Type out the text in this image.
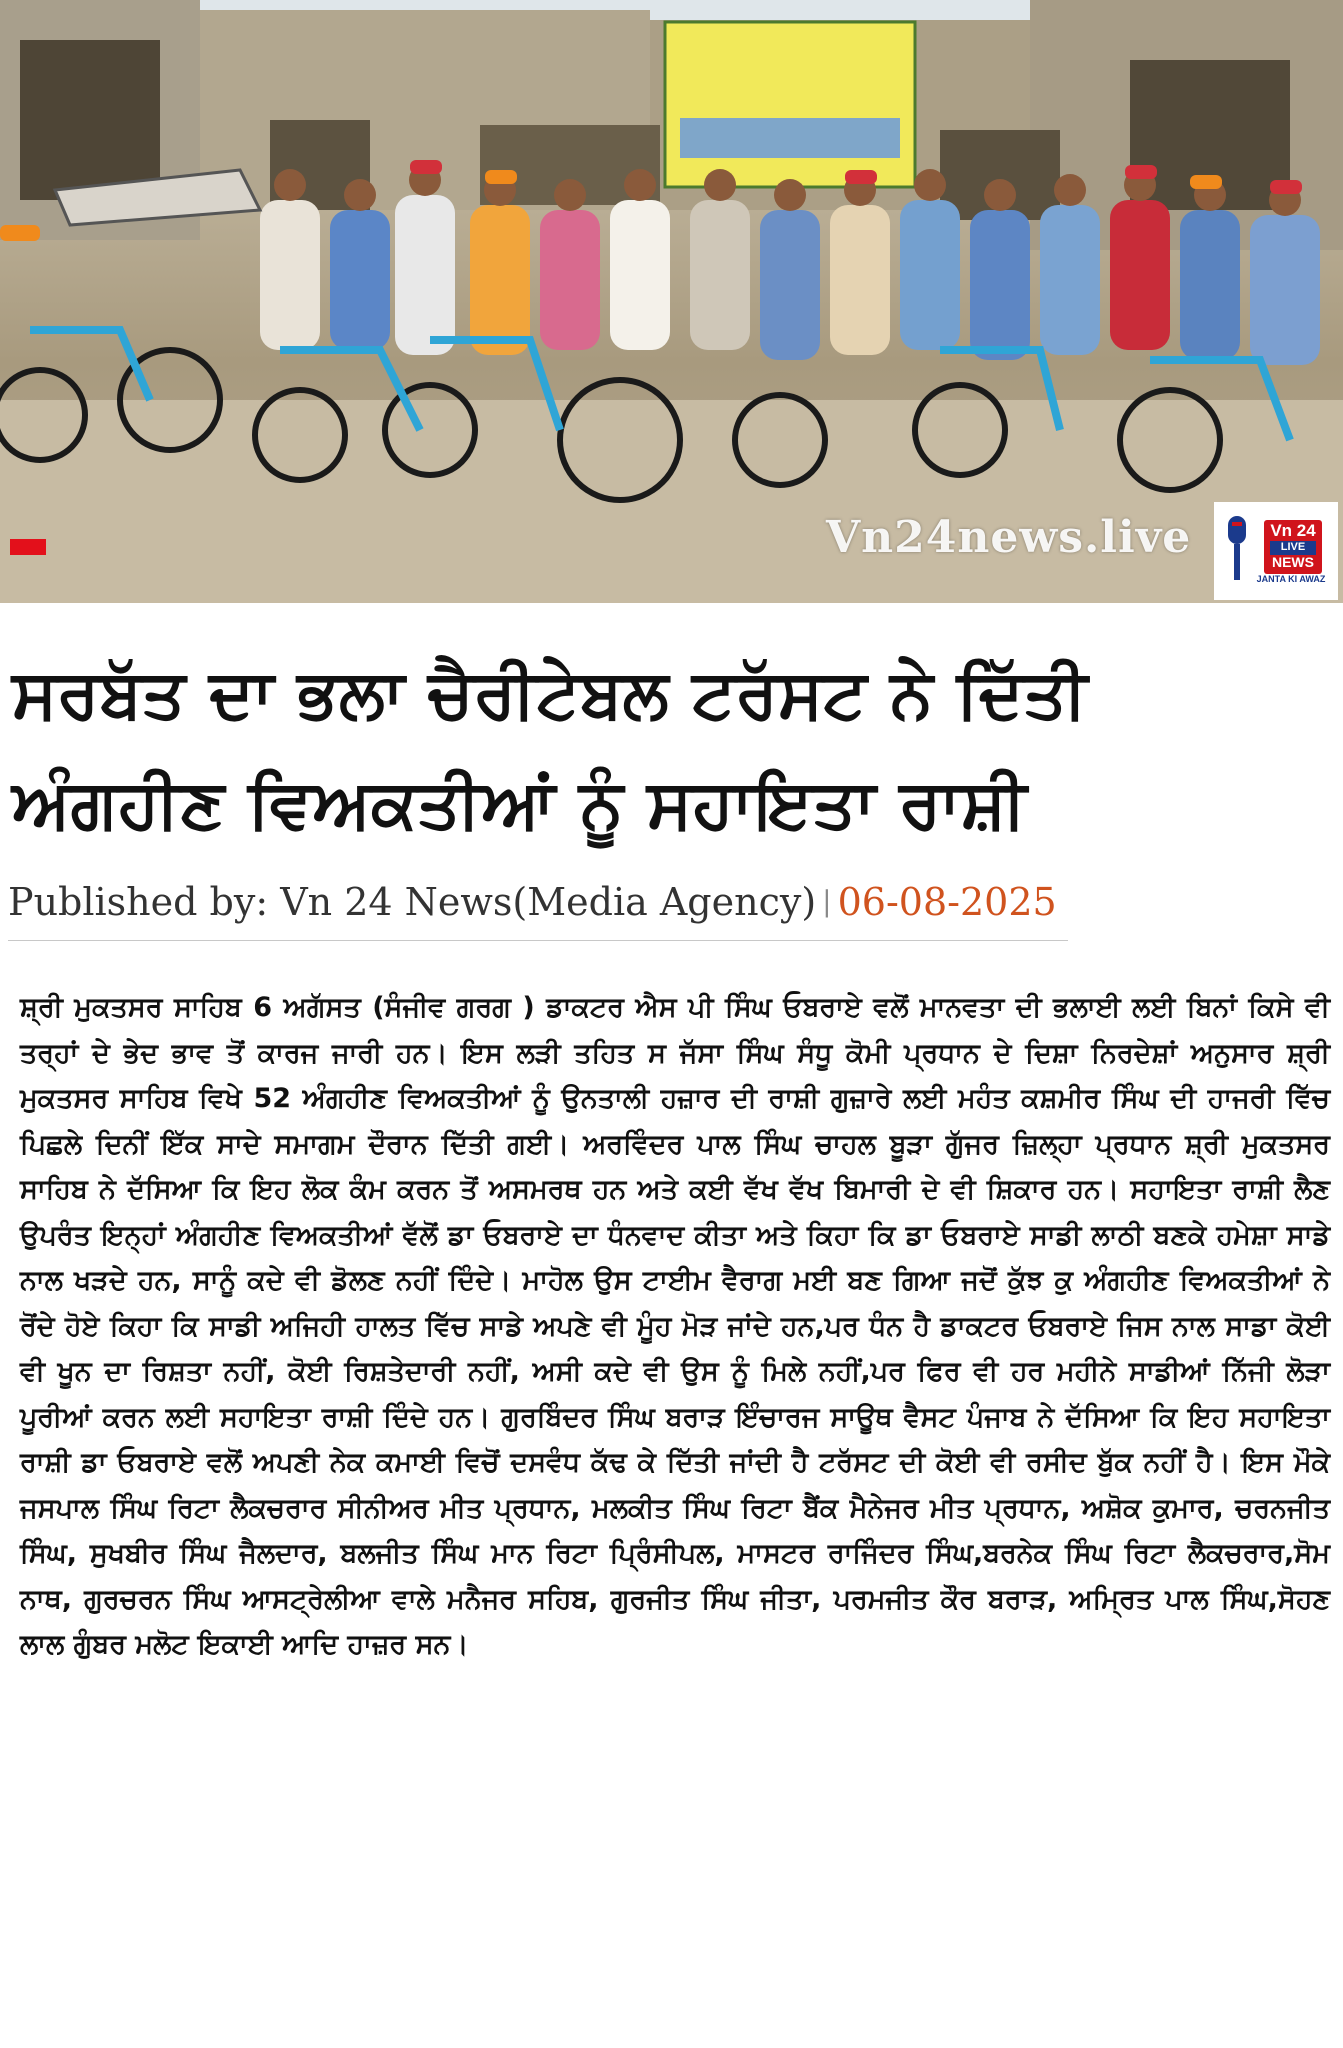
Vn24news.live	Vn 24
LIVE
NEWS
JANTA KI AWAZ
ਸਰਬੱਤ ਦਾ ਭਲਾ ਚੈਰੀਟੇਬਲ ਟਰੱਸਟ ਨੇ ਦਿੱਤੀ
ਅੰਗਹੀਣ ਵਿਅਕਤੀਆਂ ਨੂੰ ਸਹਾਇਤਾ ਰਾਸ਼ੀ
Published by: Vn 24 News(Media Agency) | 06-08-2025
ਸ਼੍ਰੀ ਮੁਕਤਸਰ ਸਾਹਿਬ 6 ਅਗੱਸਤ (ਸੰਜੀਵ ਗਰਗ ) ਡਾਕਟਰ ਐਸ ਪੀ ਸਿੰਘ ਓਬਰਾਏ ਵਲੋਂ ਮਾਨਵਤਾ ਦੀ ਭਲਾਈ ਲਈ ਬਿਨਾਂ ਕਿਸੇ ਵੀ ਤਰ੍ਹਾਂ ਦੇ ਭੇਦ ਭਾਵ ਤੋਂ ਕਾਰਜ ਜਾਰੀ ਹਨ। ਇਸ ਲੜੀ ਤਹਿਤ ਸ ਜੱਸਾ ਸਿੰਘ ਸੰਧੂ ਕੋਮੀ ਪ੍ਰਧਾਨ ਦੇ ਦਿਸ਼ਾ ਨਿਰਦੇਸ਼ਾਂ ਅਨੁਸਾਰ ਸ਼੍ਰੀ ਮੁਕਤਸਰ ਸਾਹਿਬ ਵਿਖੇ 52 ਅੰਗਹੀਣ ਵਿਅਕਤੀਆਂ ਨੂੰ ਉਨਤਾਲੀ ਹਜ਼ਾਰ ਦੀ ਰਾਸ਼ੀ ਗੁਜ਼ਾਰੇ ਲਈ ਮਹੰਤ ਕਸ਼ਮੀਰ ਸਿੰਘ ਦੀ ਹਾਜਰੀ ਵਿੱਚ ਪਿਛਲੇ ਦਿਨੀਂ ਇੱਕ ਸਾਦੇ ਸਮਾਗਮ ਦੌਰਾਨ ਦਿੱਤੀ ਗਈ। ਅਰਵਿੰਦਰ ਪਾਲ ਸਿੰਘ ਚਾਹਲ ਬੂੜਾ ਗੁੱਜਰ ਜ਼ਿਲ੍ਹਾ ਪ੍ਰਧਾਨ ਸ਼੍ਰੀ ਮੁਕਤਸਰ ਸਾਹਿਬ ਨੇ ਦੱਸਿਆ ਕਿ ਇਹ ਲੋਕ ਕੰਮ ਕਰਨ ਤੋਂ ਅਸਮਰਥ ਹਨ ਅਤੇ ਕਈ ਵੱਖ ਵੱਖ ਬਿਮਾਰੀ ਦੇ ਵੀ ਸ਼ਿਕਾਰ ਹਨ। ਸਹਾਇਤਾ ਰਾਸ਼ੀ ਲੈਣ ਉਪਰੰਤ ਇਨ੍ਹਾਂ ਅੰਗਹੀਣ ਵਿਅਕਤੀਆਂ ਵੱਲੋਂ ਡਾ ਓਬਰਾਏ ਦਾ ਧੰਨਵਾਦ ਕੀਤਾ ਅਤੇ ਕਿਹਾ ਕਿ ਡਾ ਓਬਰਾਏ ਸਾਡੀ ਲਾਠੀ ਬਣਕੇ ਹਮੇਸ਼ਾ ਸਾਡੇ ਨਾਲ ਖੜਦੇ ਹਨ, ਸਾਨੂੰ ਕਦੇ ਵੀ ਡੋਲਣ ਨਹੀਂ ਦਿੰਦੇ। ਮਾਹੋਲ ਉਸ ਟਾਈਮ ਵੈਰਾਗ ਮਈ ਬਣ ਗਿਆ ਜਦੋਂ ਕੁੱਝ ਕੁ ਅੰਗਹੀਣ ਵਿਅਕਤੀਆਂ ਨੇ ਰੋਂਦੇ ਹੋਏ ਕਿਹਾ ਕਿ ਸਾਡੀ ਅਜਿਹੀ ਹਾਲਤ ਵਿੱਚ ਸਾਡੇ ਅਪਣੇ ਵੀ ਮੂੰਹ ਮੋੜ ਜਾਂਦੇ ਹਨ,ਪਰ ਧੰਨ ਹੈ ਡਾਕਟਰ ਓਬਰਾਏ ਜਿਸ ਨਾਲ ਸਾਡਾ ਕੋਈ ਵੀ ਖੂਨ ਦਾ ਰਿਸ਼ਤਾ ਨਹੀਂ, ਕੋਈ ਰਿਸ਼ਤੇਦਾਰੀ ਨਹੀਂ, ਅਸੀ ਕਦੇ ਵੀ ਉਸ ਨੂੰ ਮਿਲੇ ਨਹੀਂ,ਪਰ ਫਿਰ ਵੀ ਹਰ ਮਹੀਨੇ ਸਾਡੀਆਂ ਨਿੱਜੀ ਲੋੜਾ ਪੂਰੀਆਂ ਕਰਨ ਲਈ ਸਹਾਇਤਾ ਰਾਸ਼ੀ ਦਿੰਦੇ ਹਨ। ਗੁਰਬਿੰਦਰ ਸਿੰਘ ਬਰਾੜ ਇੰਚਾਰਜ ਸਾਊਥ ਵੈਸਟ ਪੰਜਾਬ ਨੇ ਦੱਸਿਆ ਕਿ ਇਹ ਸਹਾਇਤਾ ਰਾਸ਼ੀ ਡਾ ਓਬਰਾਏ ਵਲੋਂ ਅਪਣੀ ਨੇਕ ਕਮਾਈ ਵਿਚੋਂ ਦਸਵੰਧ ਕੱਢ ਕੇ ਦਿੱਤੀ ਜਾਂਦੀ ਹੈ ਟਰੱਸਟ ਦੀ ਕੋਈ ਵੀ ਰਸੀਦ ਬੁੱਕ ਨਹੀਂ ਹੈ। ਇਸ ਮੌਕੇ ਜਸਪਾਲ ਸਿੰਘ ਰਿਟਾ ਲੈਕਚਰਾਰ ਸੀਨੀਅਰ ਮੀਤ ਪ੍ਰਧਾਨ, ਮਲਕੀਤ ਸਿੰਘ ਰਿਟਾ ਬੈਂਕ ਮੈਨੇਜਰ ਮੀਤ ਪ੍ਰਧਾਨ, ਅਸ਼ੋਕ ਕੁਮਾਰ, ਚਰਨਜੀਤ ਸਿੰਘ, ਸੁਖਬੀਰ ਸਿੰਘ ਜੈਲਦਾਰ, ਬਲਜੀਤ ਸਿੰਘ ਮਾਨ ਰਿਟਾ ਪ੍ਰਿੰਸੀਪਲ, ਮਾਸਟਰ ਰਾਜਿੰਦਰ ਸਿੰਘ,ਬਰਨੇਕ ਸਿੰਘ ਰਿਟਾ ਲੈਕਚਰਾਰ,ਸੋਮ ਨਾਥ, ਗੁਰਚਰਨ ਸਿੰਘ ਆਸਟ੍ਰੇਲੀਆ ਵਾਲੇ ਮਨੈਜਰ ਸਹਿਬ, ਗੁਰਜੀਤ ਸਿੰਘ ਜੀਤਾ, ਪਰਮਜੀਤ ਕੌਰ ਬਰਾੜ, ਅਮ੍ਰਿਤ ਪਾਲ ਸਿੰਘ,ਸੋਹਣ ਲਾਲ ਗੁੰਬਰ ਮਲੋਟ ਇਕਾਈ ਆਦਿ ਹਾਜ਼ਰ ਸਨ।
